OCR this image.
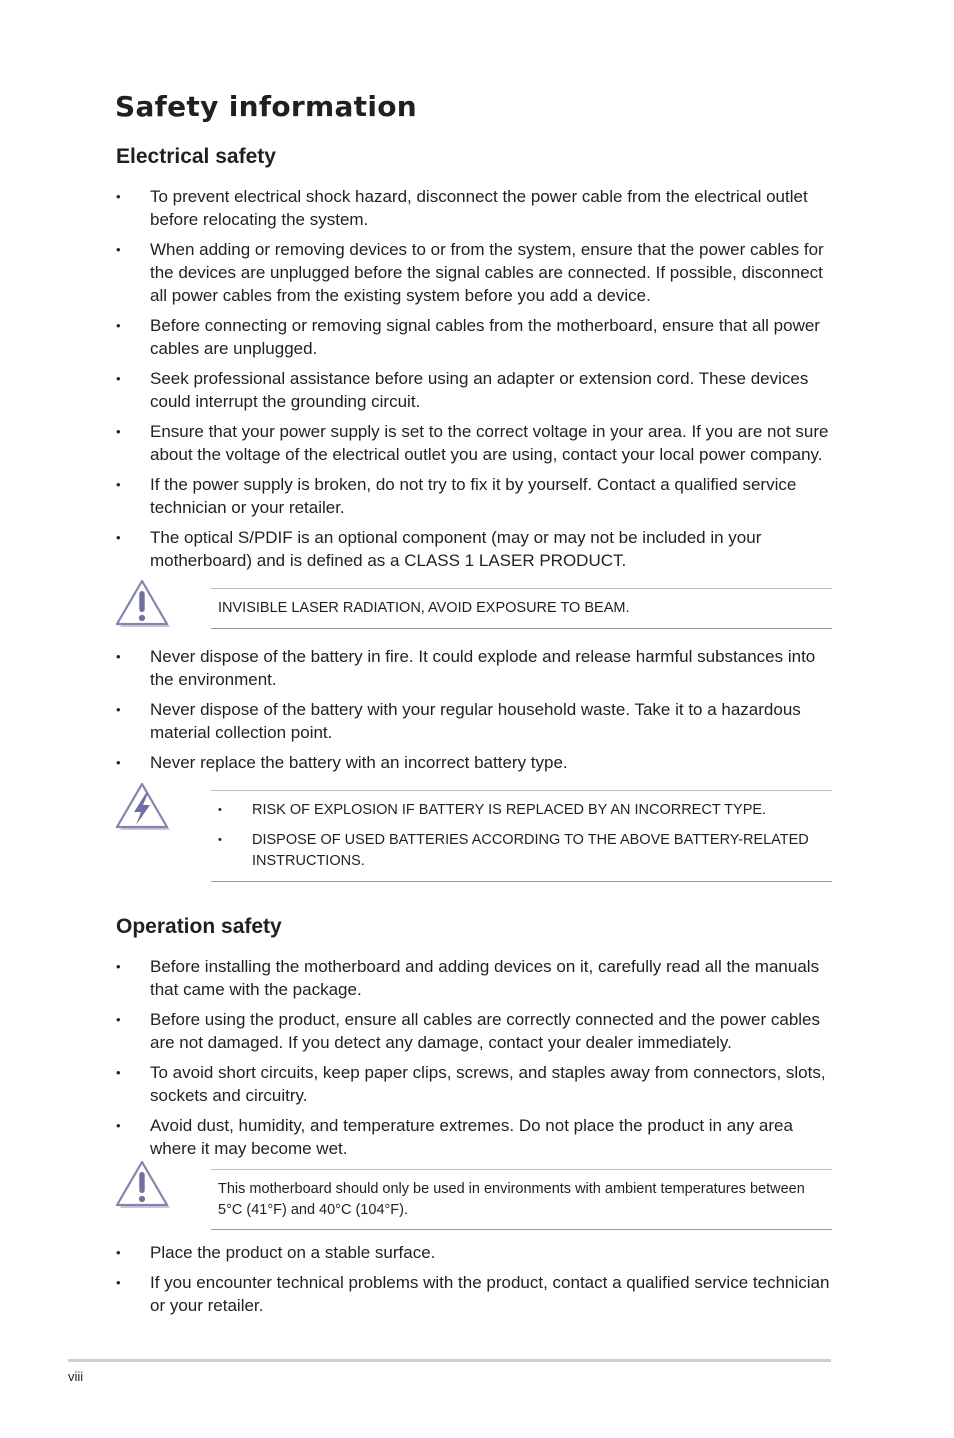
Safety information
Electrical safety
• To prevent electrical shock hazard, disconnect the power cable from the electrical outlet before relocating the system.
• When adding or removing devices to or from the system, ensure that the power cables for the devices are unplugged before the signal cables are connected. If possible, disconnect all power cables from the existing system before you add a device.
• Before connecting or removing signal cables from the motherboard, ensure that all power cables are unplugged.
• Seek professional assistance before using an adapter or extension cord. These devices could interrupt the grounding circuit.
• Ensure that your power supply is set to the correct voltage in your area. If you are not sure about the voltage of the electrical outlet you are using, contact your local power company.
• If the power supply is broken, do not try to fix it by yourself. Contact a qualified service technician or your retailer.
• The optical S/PDIF is an optional component (may or may not be included in your motherboard) and is defined as a CLASS 1 LASER PRODUCT.
INVISIBLE LASER RADIATION, AVOID EXPOSURE TO BEAM.
• Never dispose of the battery in fire. It could explode and release harmful substances into the environment.
• Never dispose of the battery with your regular household waste. Take it to a hazardous material collection point.
• Never replace the battery with an incorrect battery type.
• RISK OF EXPLOSION IF BATTERY IS REPLACED BY AN INCORRECT TYPE.
• DISPOSE OF USED BATTERIES ACCORDING TO THE ABOVE BATTERY-RELATED INSTRUCTIONS.
Operation safety
• Before installing the motherboard and adding devices on it, carefully read all the manuals that came with the package.
• Before using the product, ensure all cables are correctly connected and the power cables are not damaged. If you detect any damage, contact your dealer immediately.
• To avoid short circuits, keep paper clips, screws, and staples away from connectors, slots, sockets and circuitry.
• Avoid dust, humidity, and temperature extremes. Do not place the product in any area where it may become wet.
This motherboard should only be used in environments with ambient temperatures between 5°C (41°F) and 40°C (104°F).
• Place the product on a stable surface.
• If you encounter technical problems with the product, contact a qualified service technician or your retailer.
viii
